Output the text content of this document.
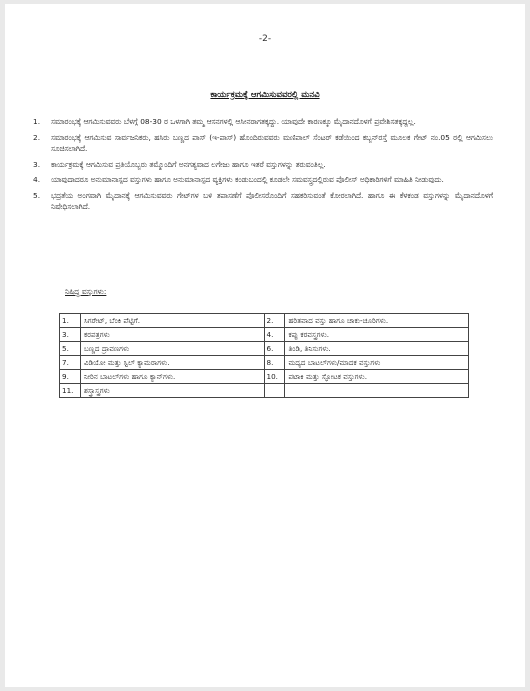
-2-
ಕಾರ್ಯಕ್ರಮಕ್ಕೆ ಆಗಮಿಸುವವರಲ್ಲಿ ಮನವಿ
1.	ಸಮಾರಂಭಕ್ಕೆ ಆಗಮಿಸುವವರು ಬೆಳಗ್ಗೆ 08-30 ರ ಒಳಗಾಗಿ ತಮ್ಮ ಆಸನಗಳಲ್ಲಿ ಆಸೀನರಾಗತಕ್ಕದ್ದು. ಯಾವುದೇ ಕಾರಣಕ್ಕೂ ಮೈದಾನದೊಳಗೆ ಪ್ರವೇಶಿಸತಕ್ಕದ್ದಲ್ಲ.
2.	ಸಮಾರಂಭಕ್ಕೆ ಆಗಮಿಸುವ ಸಾರ್ವಜನಿಕರು, ಹಸಿರು ಬಣ್ಣದ ಪಾಸ್ (ಇ-ಪಾಸ್) ಹೊಂದಿರುವವರು ಮಣಿಪಾಲ್ ಸೆಂಟರ್ ಕಡೆಯಿಂದ ಕಬ್ಬನ್‌ರಸ್ತೆ ಮೂಲಕ ಗೇಟ್ ನಂ.05 ರಲ್ಲಿ ಆಗಮಿಸಲು ಸೂಚಿಸಲಾಗಿದೆ.
3.	ಕಾರ್ಯಕ್ರಮಕ್ಕೆ ಆಗಮಿಸುವ ಪ್ರತಿಯೊಬ್ಬರು ತಮ್ಮೊಂದಿಗೆ ಅನಗತ್ಯವಾದ ಲಗೇಜು ಹಾಗೂ ಇತರೆ ವಸ್ತುಗಳನ್ನು ತರುವಂತಿಲ್ಲ.
4.	ಯಾವುದಾದರೂ ಅನುಮಾನಾಸ್ಪದ ವಸ್ತುಗಳು ಹಾಗೂ ಅನುಮಾನಾಸ್ಪದ ವ್ಯಕ್ತಿಗಳು ಕಂಡುಬಂದಲ್ಲಿ ಕೂಡಲೇ ಸಮವಸ್ತ್ರದಲ್ಲಿರುವ ಪೊಲೀಸ್ ಅಧಿಕಾರಿಗಳಿಗೆ ಮಾಹಿತಿ ನೀಡುವುದು.
5.	ಭದ್ರತೆಯ ಅಂಗವಾಗಿ ಮೈದಾನಕ್ಕೆ ಆಗಮಿಸುವವರು ಗೇಟ್‌ಗಳ ಬಳಿ ತಪಾಸಣೆಗೆ ಪೊಲೀಸರೊಂದಿಗೆ ಸಹಕರಿಸುವಂತೆ ಕೋರಲಾಗಿದೆ. ಹಾಗೂ ಈ ಕೆಳಕಂಡ ವಸ್ತುಗಳನ್ನು ಮೈದಾನದೊಳಗೆ ನಿಷೇಧಿಸಲಾಗಿದೆ.
ನಿಷಿದ್ಧ ವಸ್ತುಗಳು:
1.	ಸಿಗರೇಟ್, ಬೆಂಕಿ ಪೆಟ್ಟಿಗೆ.	2.	ಹರಿತವಾದ ವಸ್ತು ಹಾಗೂ ಚಾಕು-ಚೂರಿಗಳು.
3.	ಕರಪತ್ರಗಳು	4.	ಕಪ್ಪು ಕರವಸ್ತ್ರಗಳು.
5.	ಬಣ್ಣದ ದ್ರಾವಣಗಳು	6.	ತಿಂಡಿ, ತಿನಿಸುಗಳು.
7.	ವಿಡಿಯೋ ಮತ್ತು ಸ್ಟಿಲ್ ಕ್ಯಾಮರಾಗಳು.	8.	ಮದ್ಯದ ಬಾಟಲ್‌ಗಳು/ಮಾದಕ ವಸ್ತುಗಳು
9.	ನೀರಿನ ಬಾಟಲ್‌ಗಳು ಹಾಗೂ ಕ್ಯಾನ್‌ಗಳು.	10.	ಪಟಾಕಿ ಮತ್ತು ಸ್ಫೋಟಕ ವಸ್ತುಗಳು.
11.	ಶಸ್ತ್ರಾಸ್ತ್ರಗಳು		
